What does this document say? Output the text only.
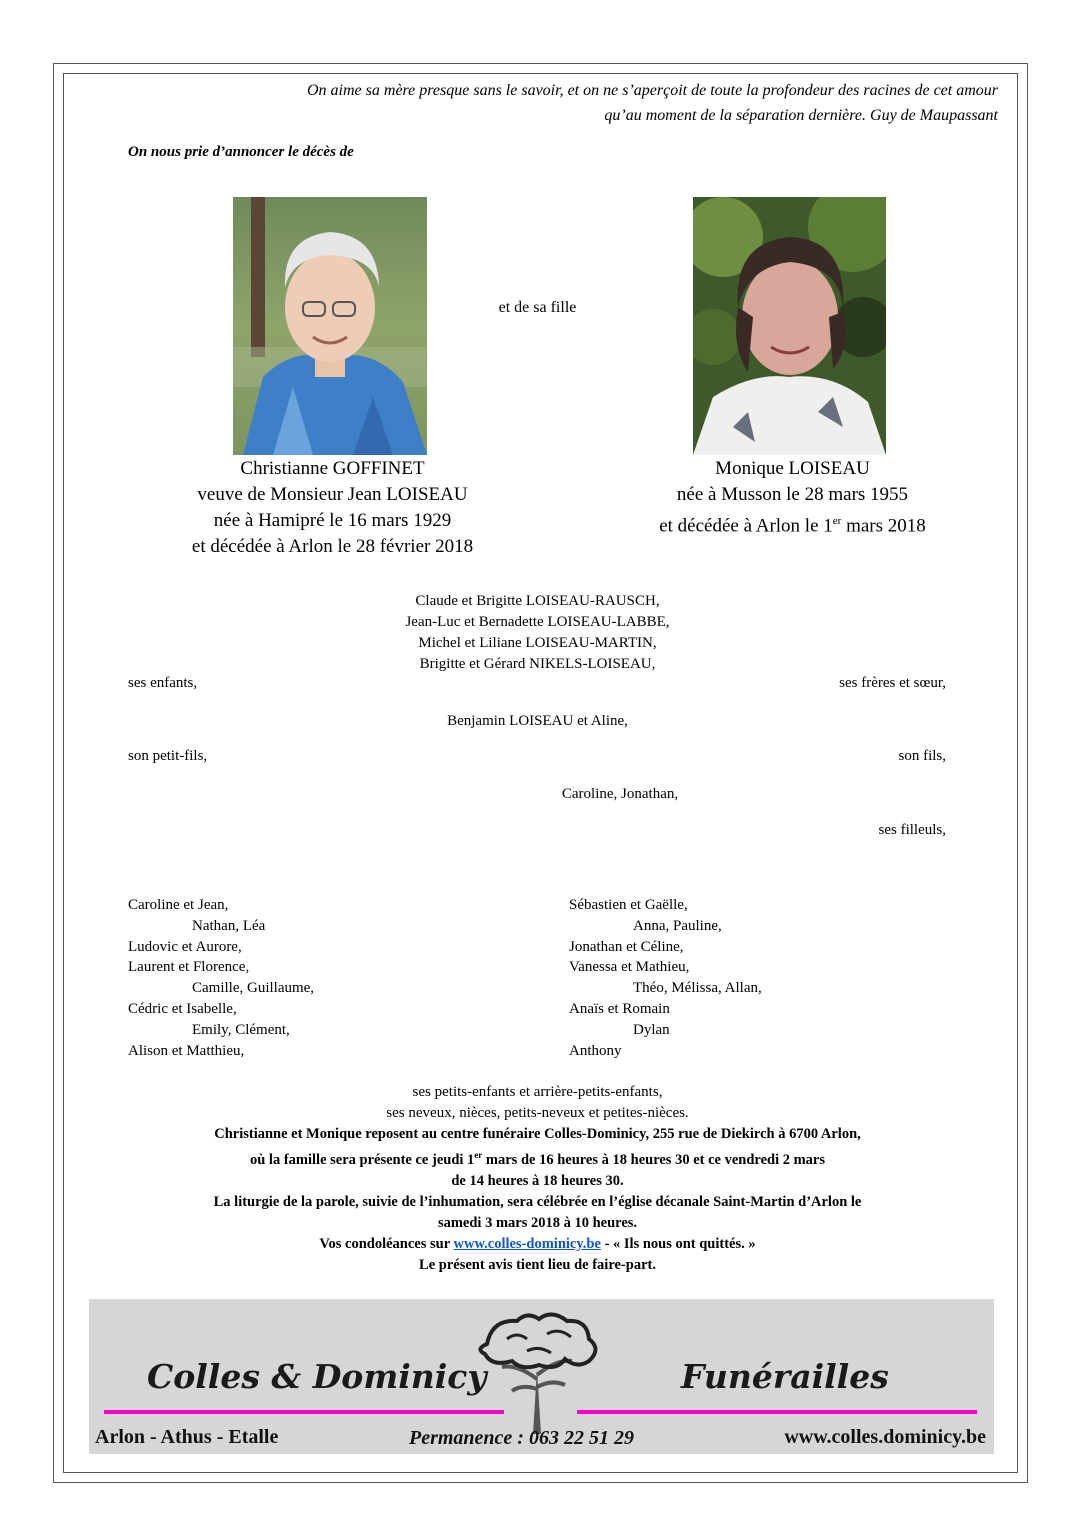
On aime sa mère presque sans le savoir, et on ne s’aperçoit de toute la profondeur des racines de cet amour
qu’au moment de la séparation dernière. Guy de Maupassant
On nous prie d’annoncer le décès de
et de sa fille
Christianne GOFFINET
veuve de Monsieur Jean LOISEAU
née à Hamipré le 16 mars 1929
et décédée à Arlon le 28 février 2018
Monique LOISEAU
née à Musson le 28 mars 1955
et décédée à Arlon le 1er mars 2018
Claude et Brigitte LOISEAU-RAUSCH,
Jean-Luc et Bernadette LOISEAU-LABBE,
Michel et Liliane LOISEAU-MARTIN,
Brigitte et Gérard NIKELS-LOISEAU,
ses enfants,	ses frères et sœur,
Benjamin LOISEAU et Aline,
son petit-fils,	son fils,
Caroline, Jonathan,
ses filleuls,
Caroline et Jean,
Nathan, Léa
Ludovic et Aurore,
Laurent et Florence,
Camille, Guillaume,
Cédric et Isabelle,
Emily, Clément,
Alison et Matthieu,
Sébastien et Gaëlle,
Anna, Pauline,
Jonathan et Céline,
Vanessa et Mathieu,
Théo, Mélissa, Allan,
Anaïs et Romain
Dylan
Anthony
ses petits-enfants et arrière-petits-enfants,
ses neveux, nièces, petits-neveux et petites-nièces.
Christianne et Monique reposent au centre funéraire Colles-Dominicy, 255 rue de Diekirch à 6700 Arlon,
où la famille sera présente ce jeudi 1er mars de 16 heures à 18 heures 30 et ce vendredi 2 mars
de 14 heures à 18 heures 30.
La liturgie de la parole, suivie de l’inhumation, sera célébrée en l’église décanale Saint-Martin d’Arlon le
samedi 3 mars 2018 à 10 heures.
Vos condoléances sur www.colles-dominicy.be - « Ils nous ont quittés. »
Le présent avis tient lieu de faire-part.
Colles & Dominicy	Funérailles
Arlon - Athus - Etalle	Permanence : 063 22 51 29	www.colles.dominicy.be
